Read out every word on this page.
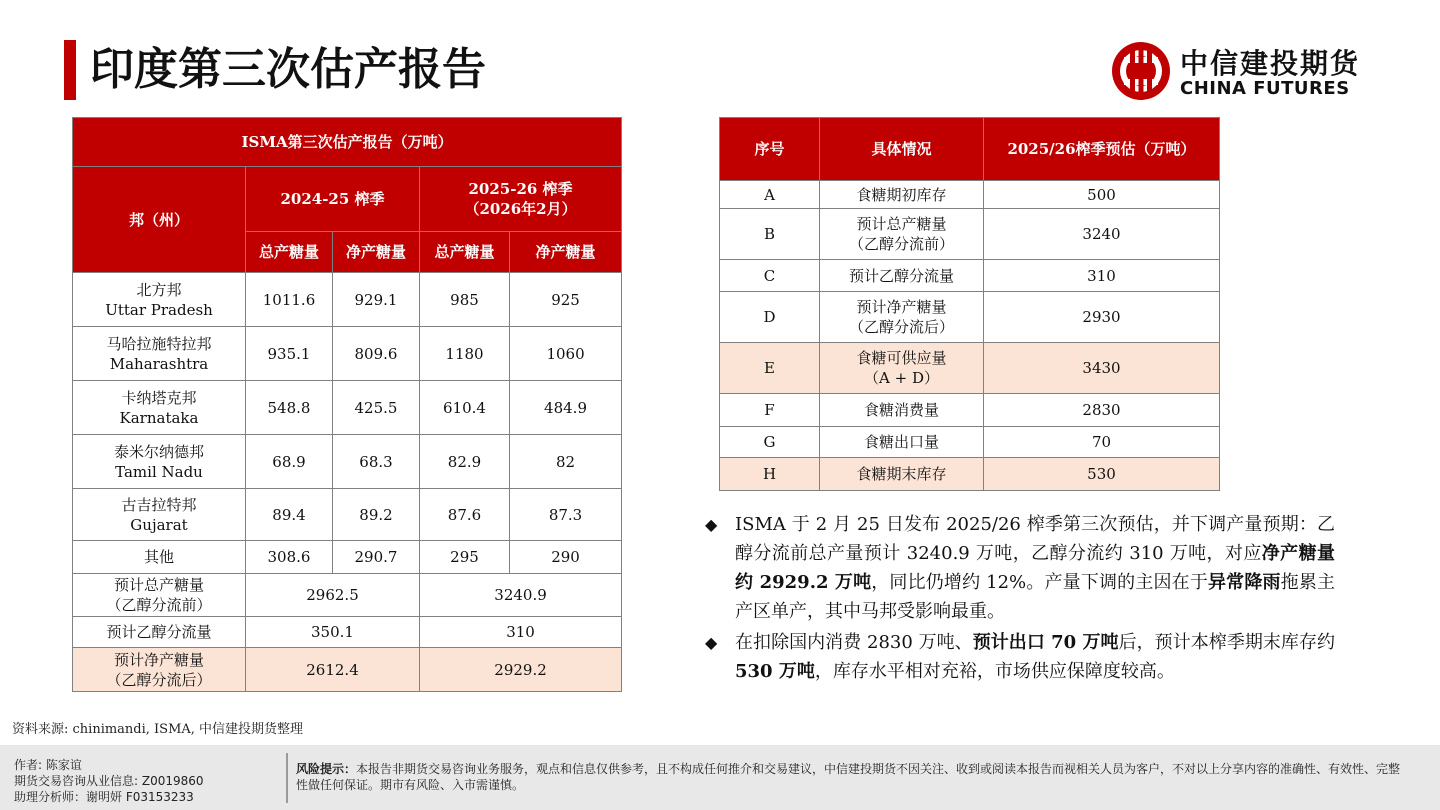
印度第三次估产报告	中信建投期货
CHINA FUTURES
ISMA第三次估产报告（万吨）				
邦（州）	2024-25 榨季		2025-26 榨季
（2026年2月）	

	总产糖量	净产糖量	总产糖量	净产糖量

北方邦
Uttar Pradesh	1011.6	929.1	985	925

马哈拉施特拉邦
Maharashtra	935.1	809.6	1180	1060

卡纳塔克邦
Karnataka	548.8	425.5	610.4	484.9

泰米尔纳德邦
Tamil Nadu	68.9	68.3	82.9	82

古吉拉特邦
Gujarat	89.4	89.2	87.6	87.3
其他	308.6	290.7	295	290

预计总产糖量
（乙醇分流前）	2962.5		3240.9	
预计乙醇分流量	350.1		310	

预计净产糖量
（乙醇分流后）	2612.4		2929.2	
序号	具体情况	2025/26榨季预估（万吨）
A	食糖期初库存	500
B	预计总产糖量
（乙醇分流前）	3240
C	预计乙醇分流量	310
D	预计净产糖量
（乙醇分流后）	2930
E	食糖可供应量
（A + D）	3430
F	食糖消费量	2830
G	食糖出口量	70
H	食糖期末库存	530
◆ ISMA 于 2 月 25 日发布 2025/26 榨季第三次预估，并下调产量预期：乙醇分流前总产量预计 3240.9 万吨，乙醇分流约 310 万吨，对应净产糖量约 2929.2 万吨，同比仍增约 12%。产量下调的主因在于异常降雨拖累主产区单产，其中马邦受影响最重。
◆ 在扣除国内消费 2830 万吨、预计出口 70 万吨后，预计本榨季期末库存约 530 万吨，库存水平相对充裕，市场供应保障度较高。
资料来源: chinimandi, ISMA, 中信建投期货整理
作者: 陈家谊
期货交易咨询从业信息: Z0019860
助理分析师：谢明妍 F03153233
风险提示：本报告非期货交易咨询业务服务，观点和信息仅供参考，且不构成任何推介和交易建议，中信建投期货不因关注、收到或阅读本报告而视相关人员为客户，不对以上分享内容的准确性、有效性、完整性做任何保证。期市有风险、入市需谨慎。
